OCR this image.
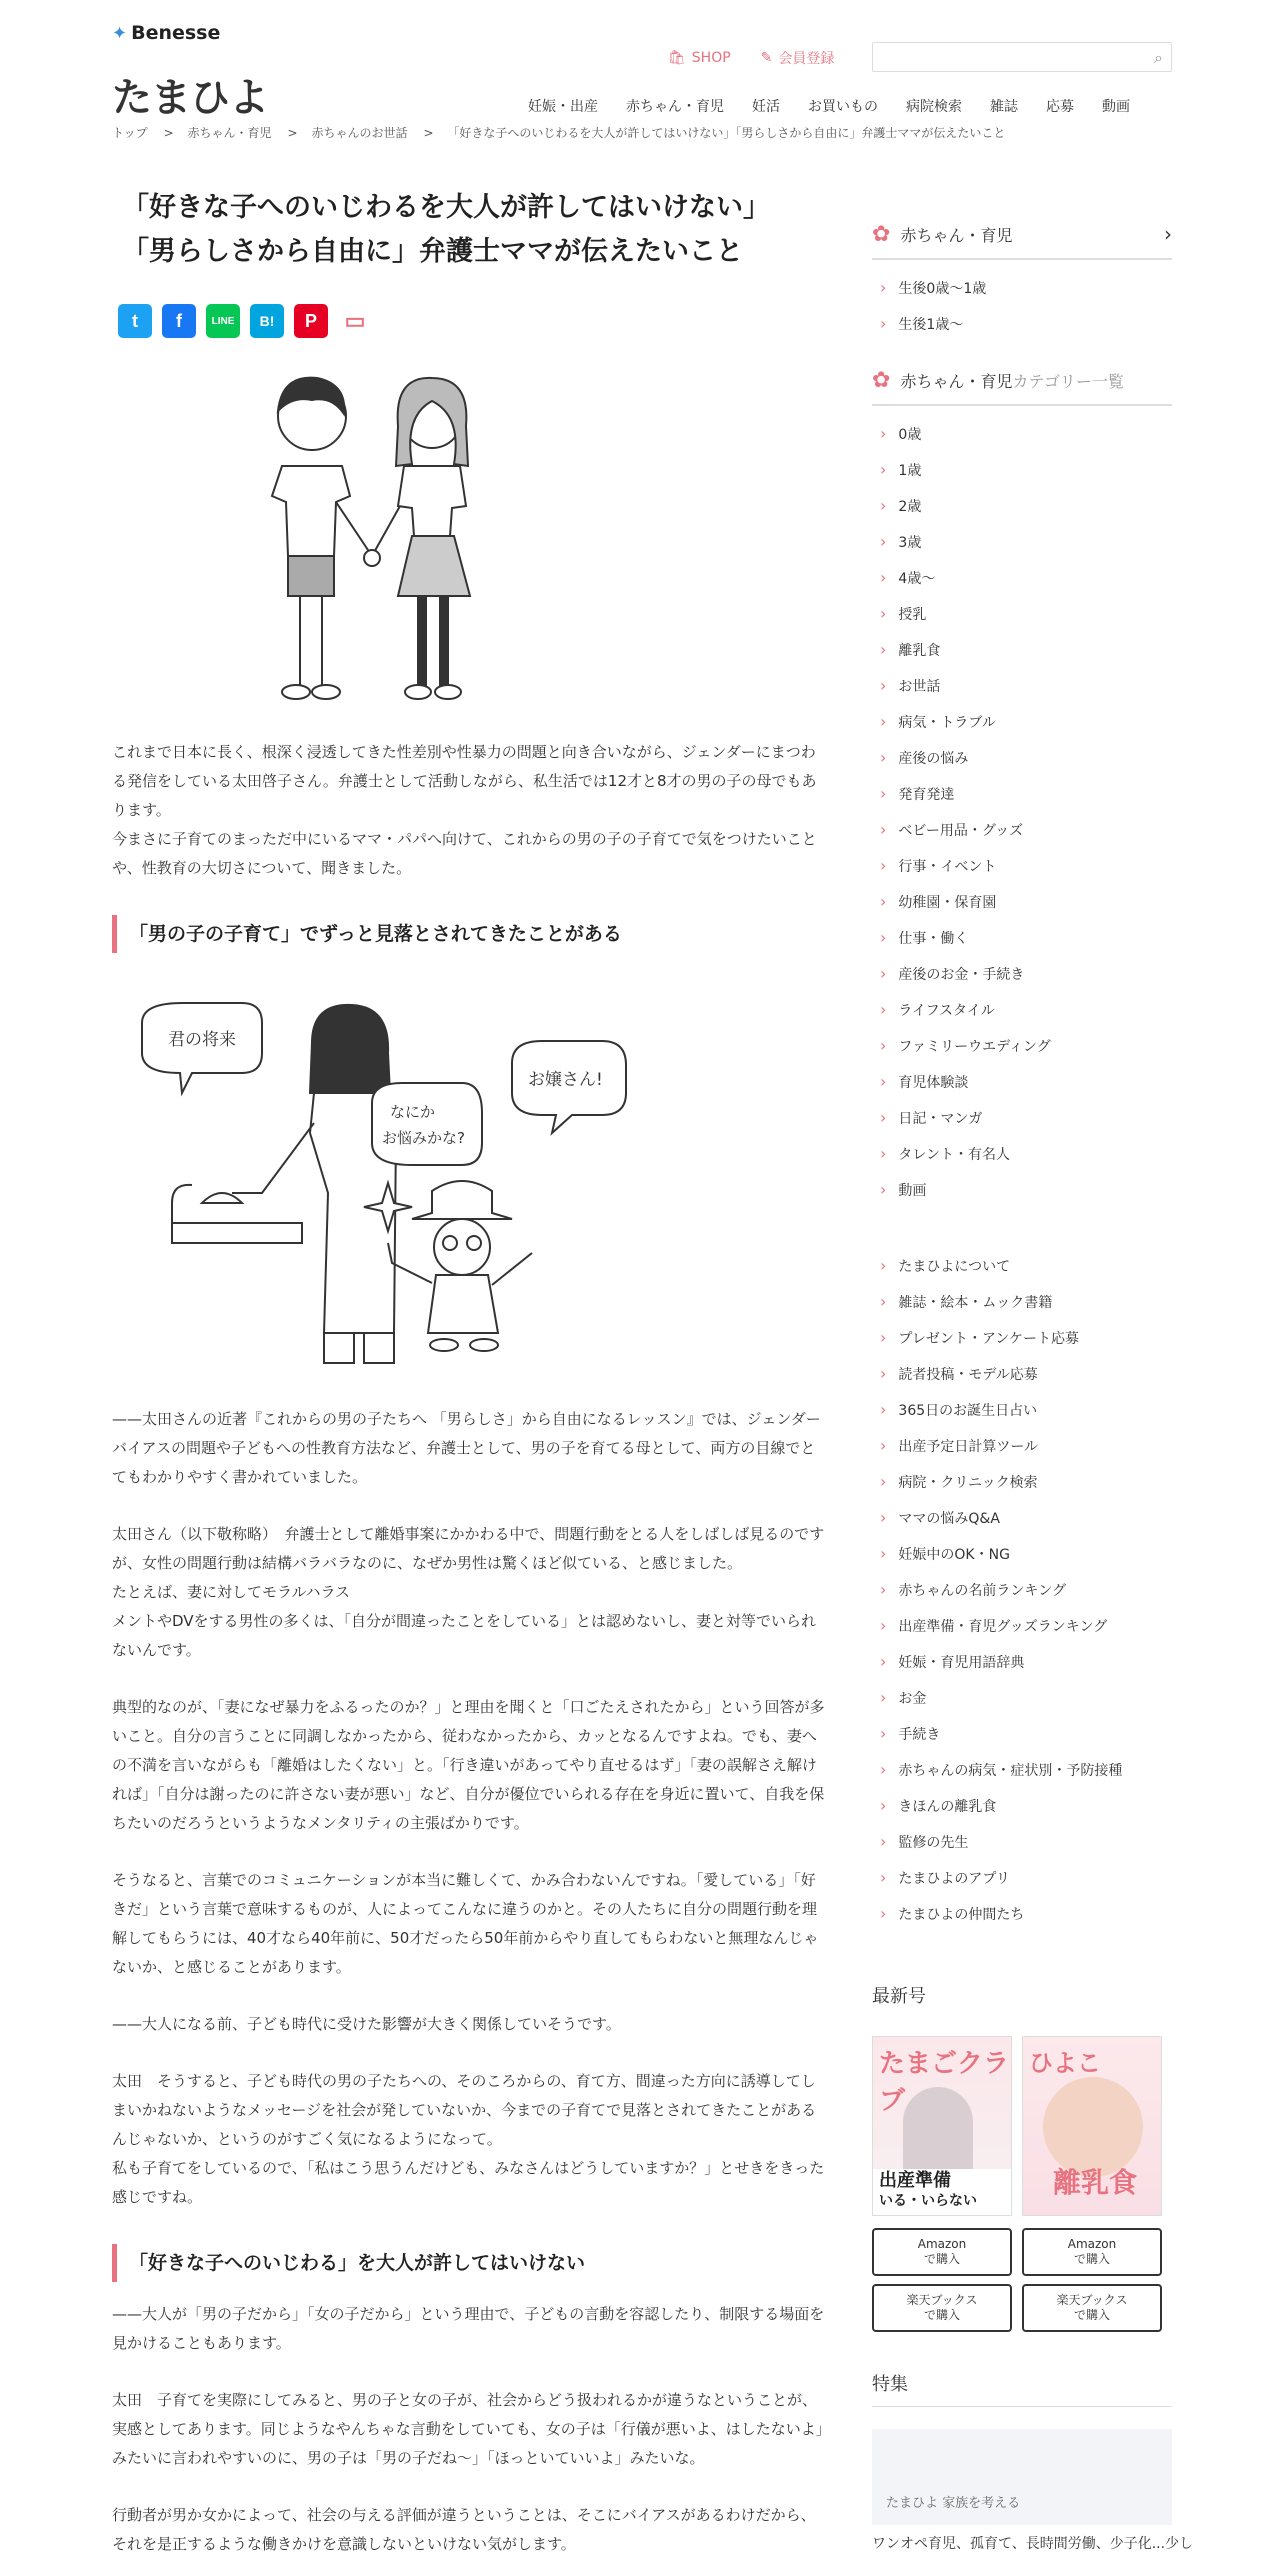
✦ Benesse
たまひよ
🛍 SHOP ✎ 会員登録	⌕
妊娠・出産 赤ちゃん・育児 妊活 お買いもの 病院検索 雑誌 応募 動画
トップ > 赤ちゃん・育児 > 赤ちゃんのお世話 > 「好きな子へのいじわるを大人が許してはいけない」「男らしさから自由に」弁護士ママが伝えたいこと
「好きな子へのいじわるを大人が許してはいけない」
「男らしさから自由に」弁護士ママが伝えたいこと
t	f	LINE	B!	P	▭

これまで日本に長く、根深く浸透してきた性差別や性暴力の問題と向き合いながら、ジェンダーにまつわる発信をしている太田啓子さん。弁護士として活動しながら、私生活では12才と8才の男の子の母でもあります。

今まさに子育てのまっただ中にいるママ・パパへ向けて、これからの男の子の子育てで気をつけたいことや、性教育の大切さについて、聞きました。

「男の子の子育て」でずっと見落とされてきたことがある
君の将来
なにか
お悩みかな?
お嬢さん!

——太田さんの近著『これからの男の子たちへ 「男らしさ」から自由になるレッスン』では、ジェンダーバイアスの問題や子どもへの性教育方法など、弁護士として、男の子を育てる母として、両方の目線でとてもわかりやすく書かれていました。

太田さん（以下敬称略）　弁護士として離婚事案にかかわる中で、問題行動をとる人をしばしば見るのですが、女性の問題行動は結構バラバラなのに、なぜか男性は驚くほど似ている、と感じました。

たとえば、妻に対してモラルハラス

メントやDVをする男性の多くは、「自分が間違ったことをしている」とは認めないし、妻と対等でいられないんです。

典型的なのが、「妻になぜ暴力をふるったのか？」と理由を聞くと「口ごたえされたから」という回答が多いこと。自分の言うことに同調しなかったから、従わなかったから、カッとなるんですよね。でも、妻への不満を言いながらも「離婚はしたくない」と。「行き違いがあってやり直せるはず」「妻の誤解さえ解ければ」「自分は謝ったのに許さない妻が悪い」など、自分が優位でいられる存在を身近に置いて、自我を保ちたいのだろうというようなメンタリティの主張ばかりです。

そうなると、言葉でのコミュニケーションが本当に難しくて、かみ合わないんですね。「愛している」「好きだ」という言葉で意味するものが、人によってこんなに違うのかと。その人たちに自分の問題行動を理解してもらうには、40才なら40年前に、50才だったら50年前からやり直してもらわないと無理なんじゃないか、と感じることがあります。

——大人になる前、子ども時代に受けた影響が大きく関係していそうです。

太田　そうすると、子ども時代の男の子たちへの、そのころからの、育て方、間違った方向に誘導してしまいかねないようなメッセージを社会が発していないか、今までの子育てで見落とされてきたことがあるんじゃないか、というのがすごく気になるようになって。

私も子育てをしているので、「私はこう思うんだけども、みなさんはどうしていますか？」とせきをきった感じですね。

「好きな子へのいじわる」を大人が許してはいけない

——大人が「男の子だから」「女の子だから」という理由で、子どもの言動を容認したり、制限する場面を見かけることもあります。

太田　子育てを実際にしてみると、男の子と女の子が、社会からどう扱われるかが違うなということが、実感としてあります。同じようなやんちゃな言動をしていても、女の子は「行儀が悪いよ、はしたないよ」みたいに言われやすいのに、男の子は「男の子だね～」「ほっといていいよ」みたいな。

行動者が男か女かによって、社会の与える評価が違うということは、そこにバイアスがあるわけだから、それを是正するような働きかけを意識しないといけない気がします。

✿ 赤ちゃん・育児	›
› 生後0歳～1歳
› 生後1歳～
✿ 赤ちゃん・育児 カテゴリー一覧
› 0歳
› 1歳
› 2歳
› 3歳
› 4歳～
› 授乳
› 離乳食
› お世話
› 病気・トラブル
› 産後の悩み
› 発育発達
› ベビー用品・グッズ
› 行事・イベント
› 幼稚園・保育園
› 仕事・働く
› 産後のお金・手続き
› ライフスタイル
› ファミリーウエディング
› 育児体験談
› 日記・マンガ
› タレント・有名人
› 動画
› たまひよについて
› 雑誌・絵本・ムック書籍
› プレゼント・アンケート応募
› 読者投稿・モデル応募
› 365日のお誕生日占い
› 出産予定日計算ツール
› 病院・クリニック検索
› ママの悩みQ&A
› 妊娠中のOK・NG
› 赤ちゃんの名前ランキング
› 出産準備・育児グッズランキング
› 妊娠・育児用語辞典
› お金
› 手続き
› 赤ちゃんの病気・症状別・予防接種
› きほんの離乳食
› 監修の先生
› たまひよのアプリ
› たまひよの仲間たち
最新号
たまごクラブ
出産準備
いる・いらない
ひよこ
離乳食
Amazon
で購入
Amazon
で購入
楽天ブックス
で購入
楽天ブックス
で購入
特集
たまひよ 家族を考える
ワンオペ育児、孤育て、長時間労働、少子化...少し
